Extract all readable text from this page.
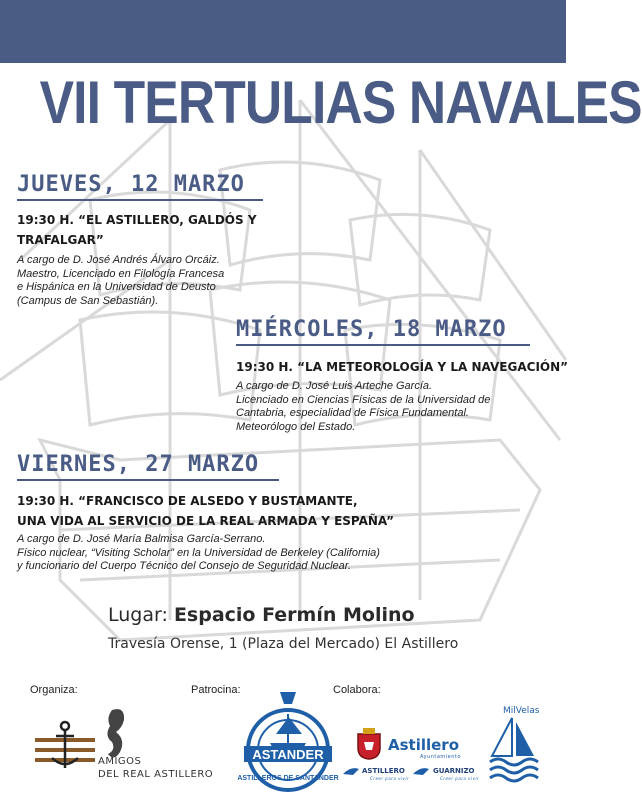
VII TERTULIAS NAVALES
JUEVES, 12 MARZO
19:30 H. “EL ASTILLERO, GALDÓS Y
TRAFALGAR”
A cargo de D. José Andrés Álvaro Orcáiz.
Maestro, Licenciado en Filología Francesa
e Hispánica en la Universidad de Deusto
(Campus de San Sebastián).
MIÉRCOLES, 18 MARZO
19:30 H. “LA METEOROLOGÍA Y LA NAVEGACIÓN”
A cargo de D. José Luis Arteche García.
Licenciado en Ciencias Físicas de la Universidad de
Cantabria, especialidad de Física Fundamental.
Meteorólogo del Estado.
VIERNES, 27 MARZO
19:30 H. “FRANCISCO DE ALSEDO Y BUSTAMANTE,
UNA VIDA AL SERVICIO DE LA REAL ARMADA Y ESPAÑA”
A cargo de D. José María Balmisa García-Serrano.
Físico nuclear, “Visiting Scholar” en la Universidad de Berkeley (California)
y funcionario del Cuerpo Técnico del Consejo de Seguridad Nuclear.
Lugar: Espacio Fermín Molino
Travesía Orense, 1 (Plaza del Mercado) El Astillero
Organiza:	Patrocina:	Colabora:
AMIGOS
DEL REAL ASTILLERO
ASTANDER
ASTILLEROS DE SANTANDER
Astillero
Ayuntamiento
ASTILLERO
Creer para vivir
GUARNIZO
Creer para vivir
MilVelas
